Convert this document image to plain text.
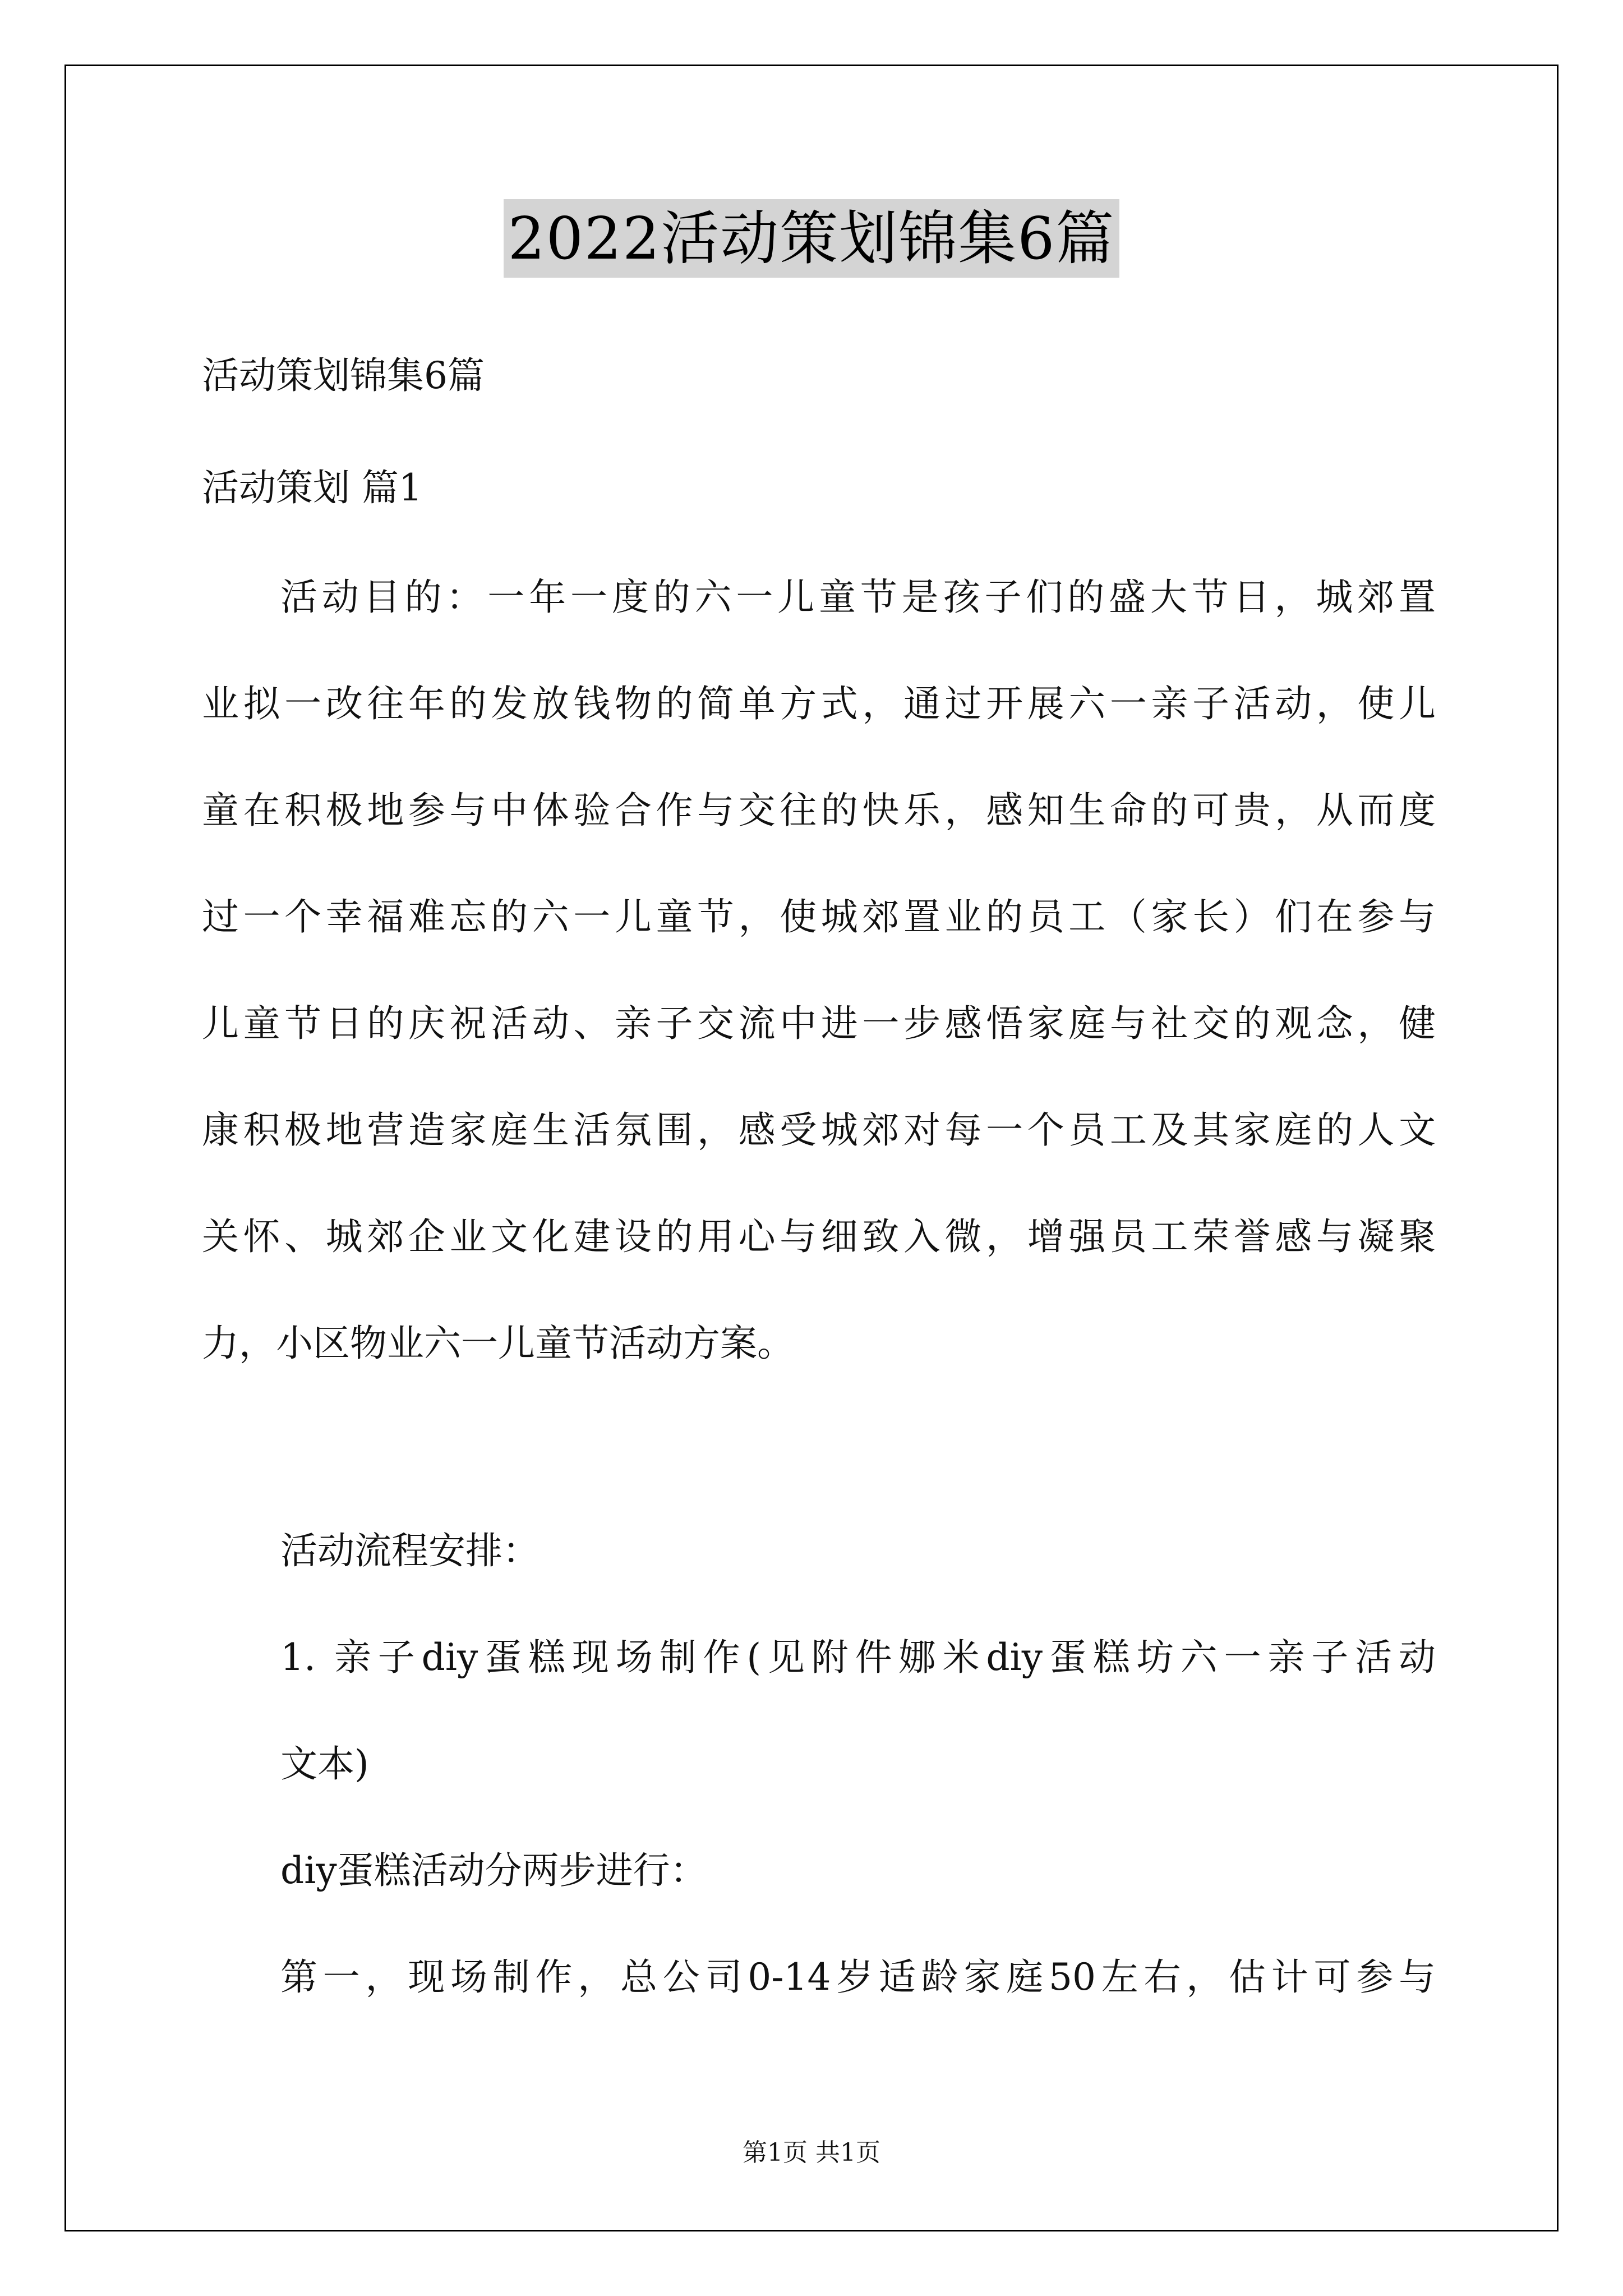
2022活动策划锦集6篇
活动策划锦集6篇
活动策划 篇1
活动目的：一年一度的六一儿童节是孩子们的盛大节日，城郊置
业拟一改往年的发放钱物的简单方式，通过开展六一亲子活动，使儿
童在积极地参与中体验合作与交往的快乐，感知生命的可贵，从而度
过一个幸福难忘的六一儿童节，使城郊置业的员工（家长）们在参与
儿童节日的庆祝活动、亲子交流中进一步感悟家庭与社交的观念，健
康积极地营造家庭生活氛围，感受城郊对每一个员工及其家庭的人文
关怀、城郊企业文化建设的用心与细致入微，增强员工荣誉感与凝聚
力，小区物业六一儿童节活动方案。
活动流程安排：
1. 亲子diy蛋糕现场制作(见附件娜米diy蛋糕坊六一亲子活动
文本)
diy蛋糕活动分两步进行：
第一，现场制作，总公司0-14岁适龄家庭50左右，估计可参与
第1页 共1页
